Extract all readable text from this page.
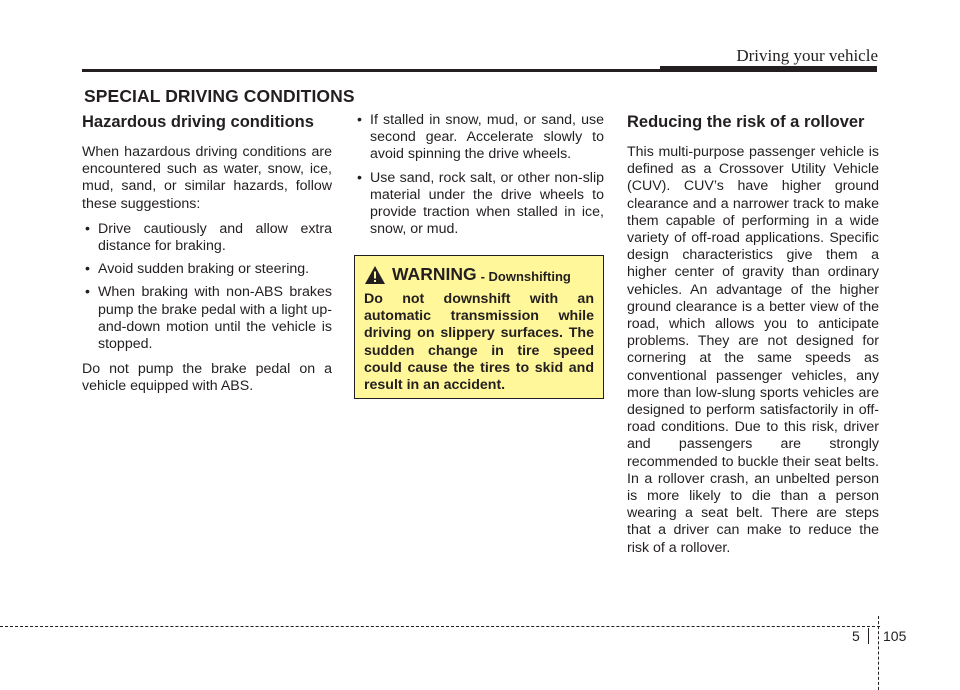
Driving your vehicle
SPECIAL DRIVING CONDITIONS
Hazardous driving conditions

When hazardous driving conditions are encountered such as water, snow, ice, mud, sand, or similar hazards, follow these suggestions:

• Drive cautiously and allow extra distance for braking.
• Avoid sudden braking or steering.
• When braking with non-ABS brakes pump the brake pedal with a light up-and-down motion until the vehicle is stopped.

Do not pump the brake pedal on a vehicle equipped with ABS.

• If stalled in snow, mud, or sand, use second gear. Accelerate slowly to avoid spinning the drive wheels.
• Use sand, rock salt, or other non-slip material under the drive wheels to provide traction when stalled in ice, snow, or mud.
WARNING - Downshifting

Do not downshift with an automatic transmission while driving on slippery surfaces. The sudden change in tire speed could cause the tires to skid and result in an accident.

Reducing the risk of a rollover

This multi-purpose passenger vehicle is defined as a Crossover Utility Vehicle (CUV). CUV’s have higher ground clearance and a narrower track to make them capable of performing in a wide variety of off-road applications. Specific design characteristics give them a higher center of gravity than ordinary vehicles. An advantage of the higher ground clearance is a better view of the road, which allows you to anticipate problems. They are not designed for cornering at the same speeds as conventional passenger vehicles, any more than low-slung sports vehicles are designed to perform satisfactorily in off-road conditions. Due to this risk, driver and passengers are strongly recommended to buckle their seat belts. In a rollover crash, an unbelted person is more likely to die than a person wearing a seat belt. There are steps that a driver can make to reduce the risk of a rollover.

5 105
